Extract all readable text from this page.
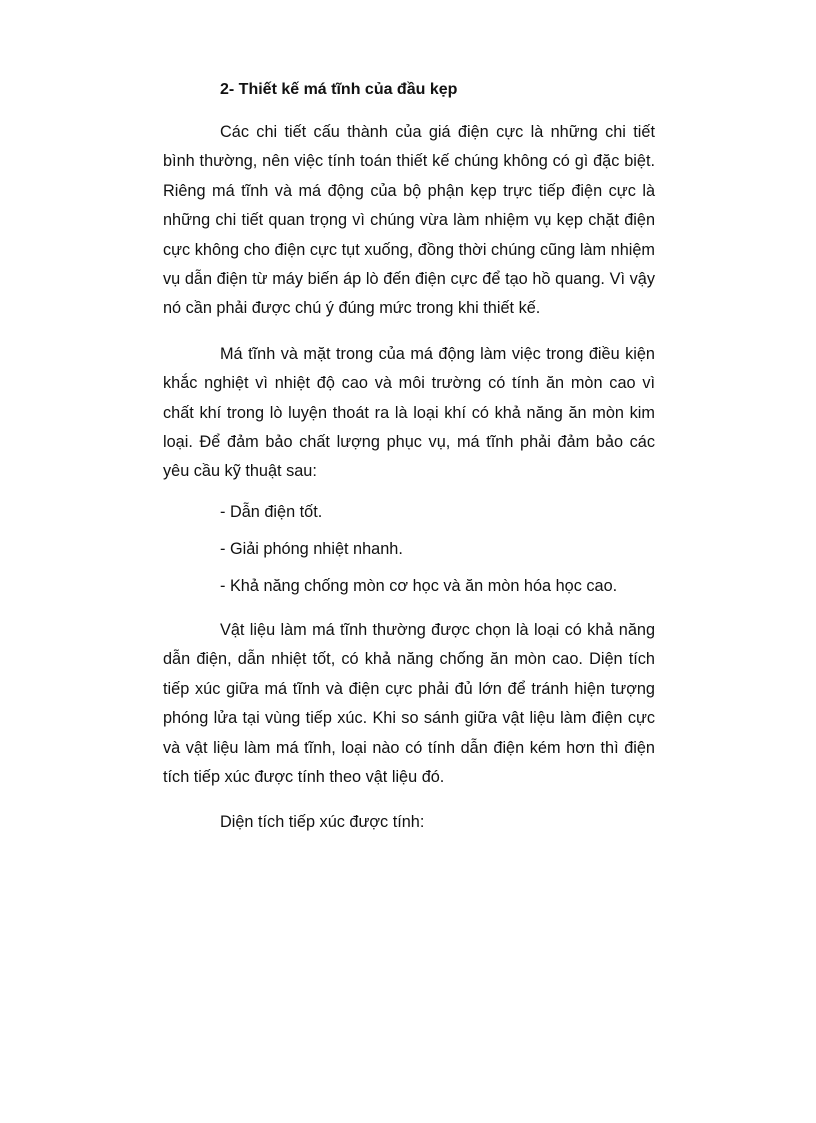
2- Thiết kế má tĩnh của đầu kẹp

Các chi tiết cấu thành của giá điện cực là những chi tiết bình thường, nên việc tính toán thiết kế chúng không có gì đặc biệt. Riêng má tĩnh và má động của bộ phận kẹp trực tiếp điện cực là những chi tiết quan trọng vì chúng vừa làm nhiệm vụ kẹp chặt điện cực không cho điện cực tụt xuống, đồng thời chúng cũng làm nhiệm vụ dẫn điện từ máy biến áp lò đến điện cực để tạo hồ quang. Vì vậy nó cần phải được chú ý đúng mức trong khi thiết kế.

Má tĩnh và mặt trong của má động làm việc trong điều kiện khắc nghiệt vì nhiệt độ cao và môi trường có tính ăn mòn cao vì chất khí trong lò luyện thoát ra là loại khí có khả năng ăn mòn kim loại. Để đảm bảo chất lượng phục vụ, má tĩnh phải đảm bảo các yêu cầu kỹ thuật sau:

- Dẫn điện tốt.

- Giải phóng nhiệt nhanh.

- Khả năng chống mòn cơ học và ăn mòn hóa học cao.

Vật liệu làm má tĩnh thường được chọn là loại có khả năng dẫn điện, dẫn nhiệt tốt, có khả năng chống ăn mòn cao. Diện tích tiếp xúc giữa má tĩnh và điện cực phải đủ lớn để tránh hiện tượng phóng lửa tại vùng tiếp xúc. Khi so sánh giữa vật liệu làm điện cực và vật liệu làm má tĩnh, loại nào có tính dẫn điện kém hơn thì điện tích tiếp xúc được tính theo vật liệu đó.

Diện tích tiếp xúc được tính:
